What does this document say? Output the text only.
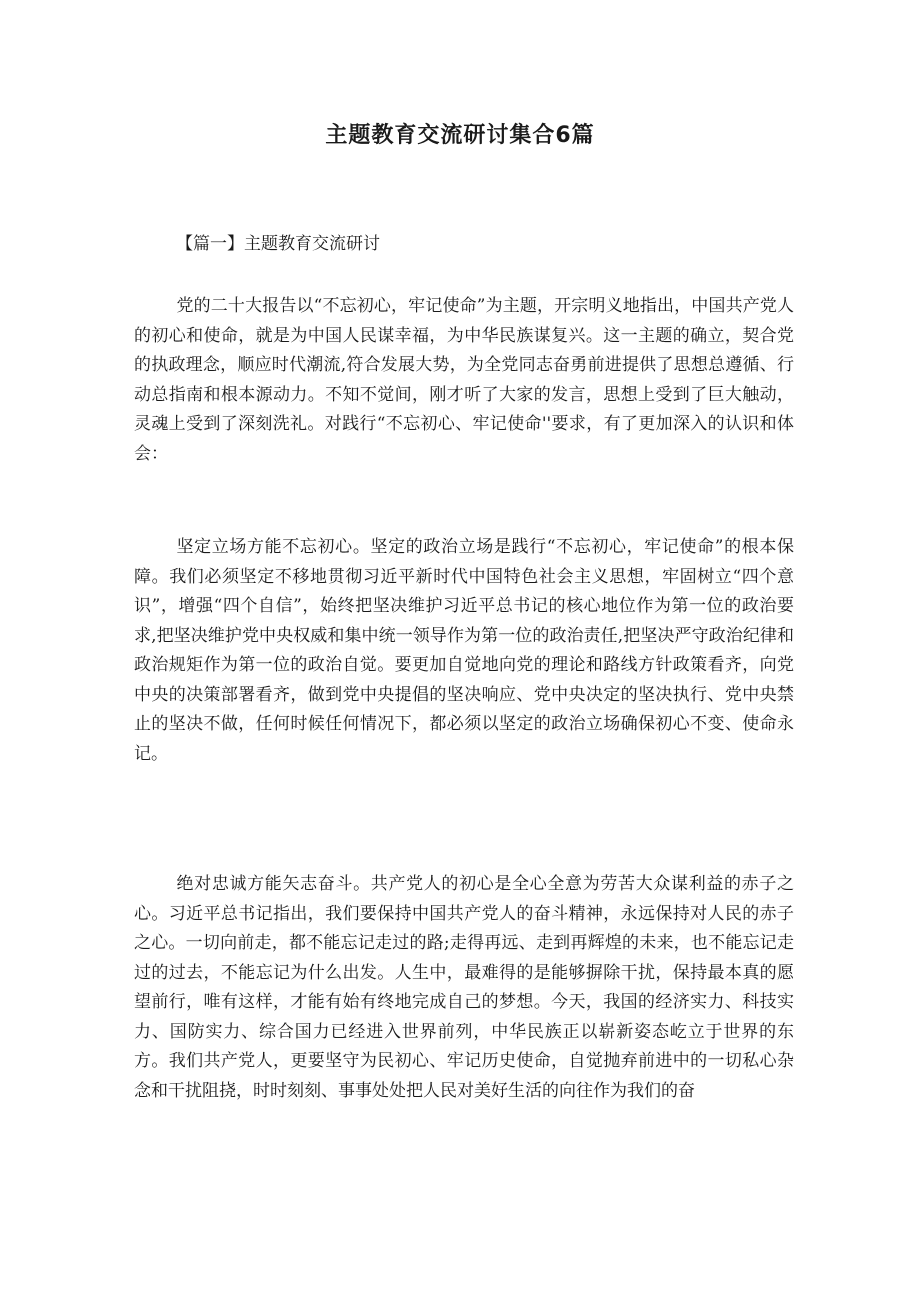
主题教育交流研讨集合6篇

【篇一】主题教育交流研讨

党的二十大报告以“不忘初心，牢记使命”为主题，开宗明义地指出，中国共产党人的初心和使命，就是为中国人民谋幸福，为中华民族谋复兴。这一主题的确立，契合党的执政理念，顺应时代潮流,符合发展大势，为全党同志奋勇前进提供了思想总遵循、行动总指南和根本源动力。不知不觉间，刚才听了大家的发言，思想上受到了巨大触动，灵魂上受到了深刻洗礼。对践行“不忘初心、牢记使命''要求，有了更加深入的认识和体会：

坚定立场方能不忘初心。坚定的政治立场是践行“不忘初心，牢记使命”的根本保障。我们必须坚定不移地贯彻习近平新时代中国特色社会主义思想，牢固树立“四个意识”，增强“四个自信”，始终把坚决维护习近平总书记的核心地位作为第一位的政治要求,把坚决维护党中央权威和集中统一领导作为第一位的政治责任,把坚决严守政治纪律和政治规矩作为第一位的政治自觉。要更加自觉地向党的理论和路线方针政策看齐，向党中央的决策部署看齐，做到党中央提倡的坚决响应、党中央决定的坚决执行、党中央禁止的坚决不做，任何时候任何情况下，都必须以坚定的政治立场确保初心不变、使命永记。

绝对忠诚方能矢志奋斗。共产党人的初心是全心全意为劳苦大众谋利益的赤子之心。习近平总书记指出，我们要保持中国共产党人的奋斗精神，永远保持对人民的赤子之心。一切向前走，都不能忘记走过的路;走得再远、走到再辉煌的未来，也不能忘记走过的过去，不能忘记为什么出发。人生中，最难得的是能够摒除干扰，保持最本真的愿望前行，唯有这样，才能有始有终地完成自己的梦想。今天，我国的经济实力、科技实力、国防实力、综合国力已经进入世界前列，中华民族正以崭新姿态屹立于世界的东方。我们共产党人，更要坚守为民初心、牢记历史使命，自觉抛弃前进中的一切私心杂念和干扰阻挠，时时刻刻、事事处处把人民对美好生活的向往作为我们的奋
